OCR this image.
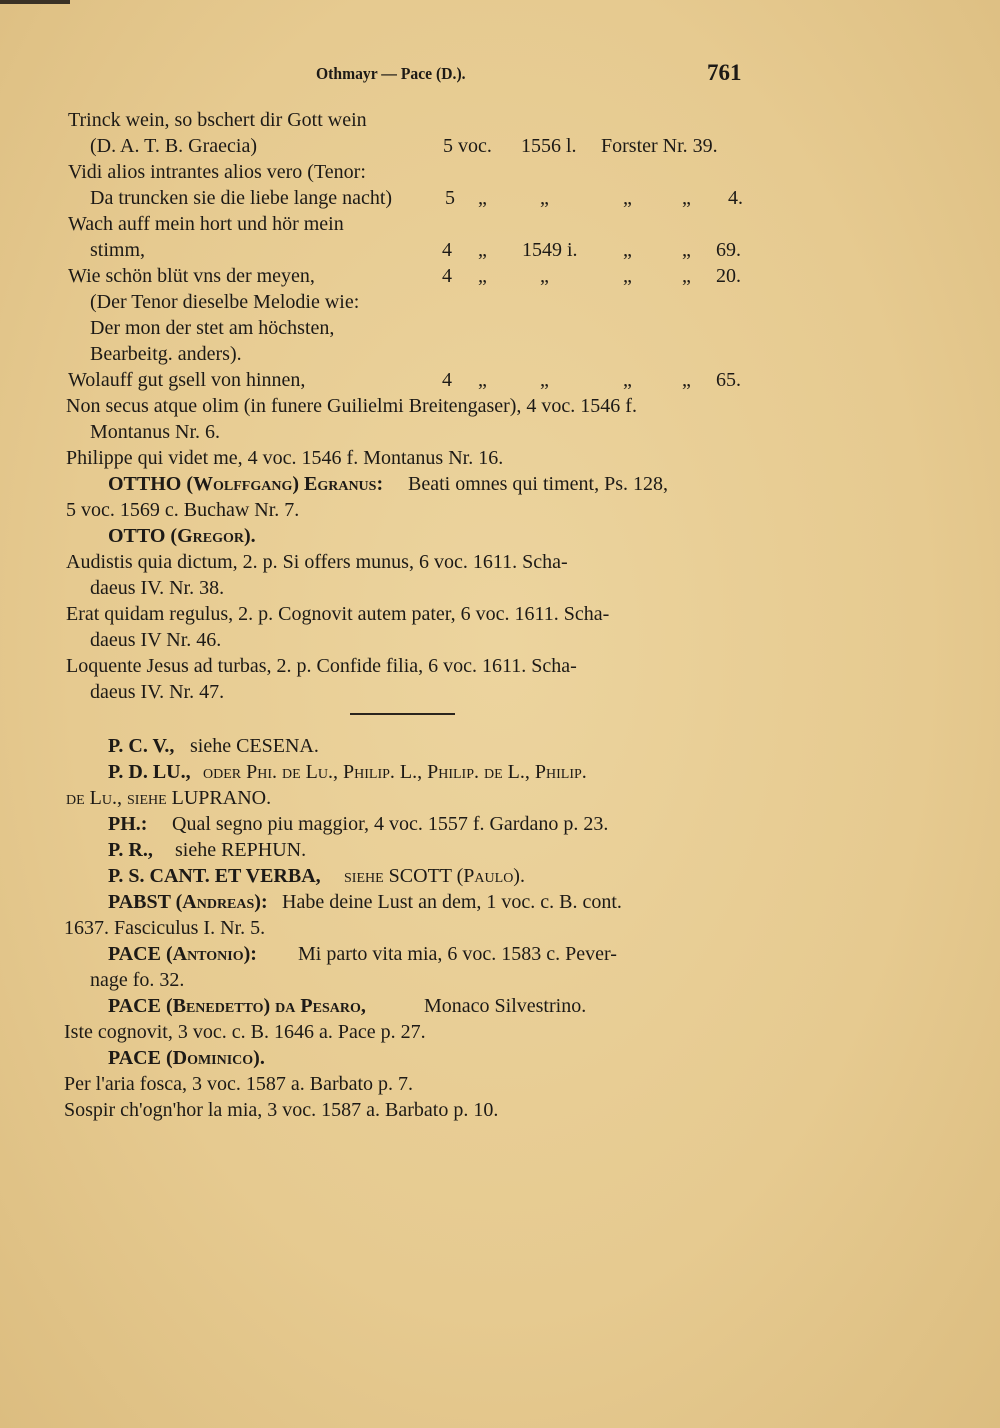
Othmayr — Pace (D.).	761
Trinck wein, so bschert dir Gott wein
(D. A. T. B. Graecia)	5 voc. 1556 l. Forster Nr. 39.
Vidi alios intrantes alios vero (Tenor:
Da truncken sie die liebe lange nacht)	5 „	„	„	„ 4.
Wach auff mein hort und hör mein
stimm,	4 „ 1549 i. „	„ 69.
Wie schön blüt vns der meyen,	4 „	„	„	„ 20.
(Der Tenor dieselbe Melodie wie:
Der mon der stet am höchsten,
Bearbeitg. anders).
Wolauff gut gsell von hinnen,	4 „	„	„	„ 65.
Non secus atque olim (in funere Guilielmi Breitengaser), 4 voc. 1546 f.
Montanus Nr. 6.
Philippe qui videt me, 4 voc. 1546 f. Montanus Nr. 16.
OTTHO (Wolffgang) Egranus: Beati omnes qui timent, Ps. 128,
5 voc. 1569 c. Buchaw Nr. 7.
OTTO (Gregor).
Audistis quia dictum, 2. p. Si offers munus, 6 voc. 1611. Scha-
daeus IV. Nr. 38.
Erat quidam regulus, 2. p. Cognovit autem pater, 6 voc. 1611. Scha-
daeus IV Nr. 46.
Loquente Jesus ad turbas, 2. p. Confide filia, 6 voc. 1611. Scha-
daeus IV. Nr. 47.
P. C. V., siehe CESENA.
P. D. LU., oder Phi. de Lu., Philip. L., Philip. de L., Philip.
de Lu., siehe LUPRANO.
PH.: Qual segno piu maggior, 4 voc. 1557 f. Gardano p. 23.
P. R., siehe REPHUN.
P. S. CANT. ET VERBA, siehe SCOTT (Paulo).
PABST (Andreas): Habe deine Lust an dem, 1 voc. c. B. cont.
1637. Fasciculus I. Nr. 5.
PACE (Antonio): Mi parto vita mia, 6 voc. 1583 c. Pever-
nage fo. 32.
PACE (Benedetto) da Pesaro,	Monaco Silvestrino.
Iste cognovit, 3 voc. c. B. 1646 a. Pace p. 27.
PACE (Dominico).
Per l'aria fosca, 3 voc. 1587 a. Barbato p. 7.
Sospir ch'ogn'hor la mia, 3 voc. 1587 a. Barbato p. 10.
